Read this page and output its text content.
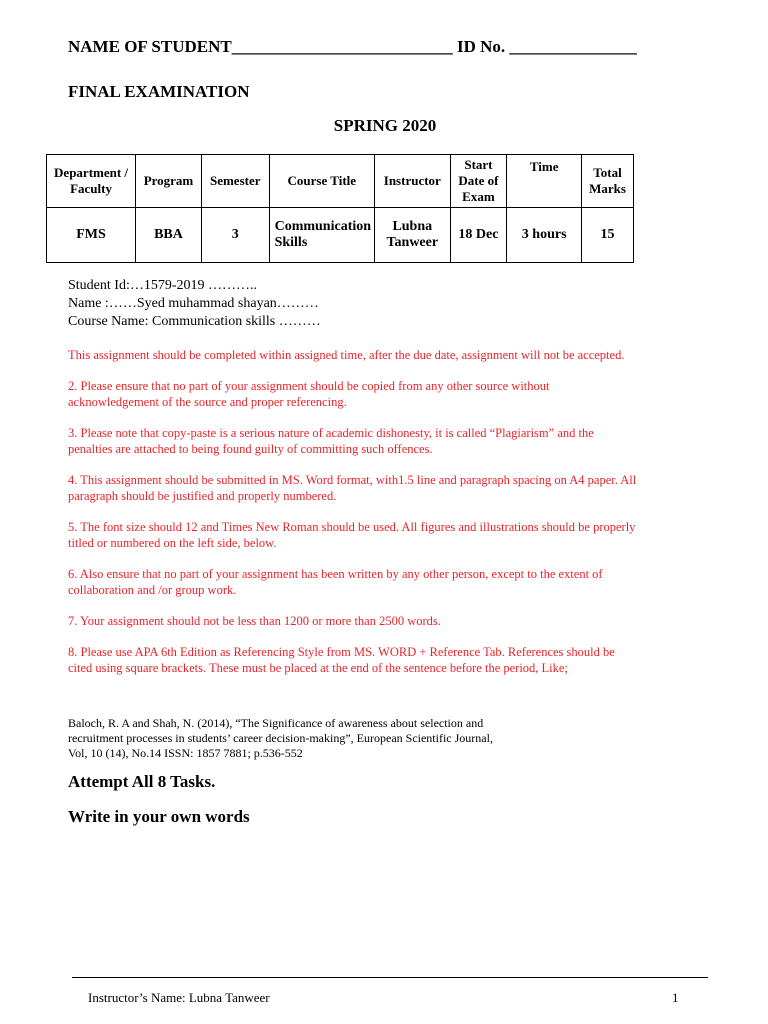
NAME OF STUDENT__________________________ ID No. _______________
FINAL EXAMINATION
SPRING 2020
Department / Faculty	Program	Semester	Course Title	Instructor	Start Date of Exam	Time	Total Marks
FMS	BBA	3	Communication Skills	Lubna Tanweer	18 Dec	3 hours	15
Student Id:…1579-2019 ………..
Name :……Syed muhammad shayan………
Course Name: Communication skills ………

This assignment should be completed within assigned time, after the due date, assignment will not be accepted.

2. Please ensure that no part of your assignment should be copied from any other source without acknowledgement of the source and proper referencing.

3. Please note that copy-paste is a serious nature of academic dishonesty, it is called “Plagiarism” and the penalties are attached to being found guilty of committing such offences.

4. This assignment should be submitted in MS. Word format, with1.5 line and paragraph spacing on A4 paper. All paragraph should be justified and properly numbered.

5. The font size should 12 and Times New Roman should be used. All figures and illustrations should be properly titled or numbered on the left side, below.

6. Also ensure that no part of your assignment has been written by any other person, except to the extent of collaboration and /or group work.

7. Your assignment should not be less than 1200 or more than 2500 words.

8. Please use APA 6th Edition as Referencing Style from MS. WORD + Reference Tab. References should be cited using square brackets. These must be placed at the end of the sentence before the period, Like;

Baloch, R. A and Shah, N. (2014), “The Significance of awareness about selection and
recruitment processes in students’ career decision-making”, European Scientific Journal,
Vol, 10 (14), No.14 ISSN: 1857 7881; p.536-552
Attempt All 8 Tasks.
Write in your own words
Instructor’s Name: Lubna Tanweer	1
